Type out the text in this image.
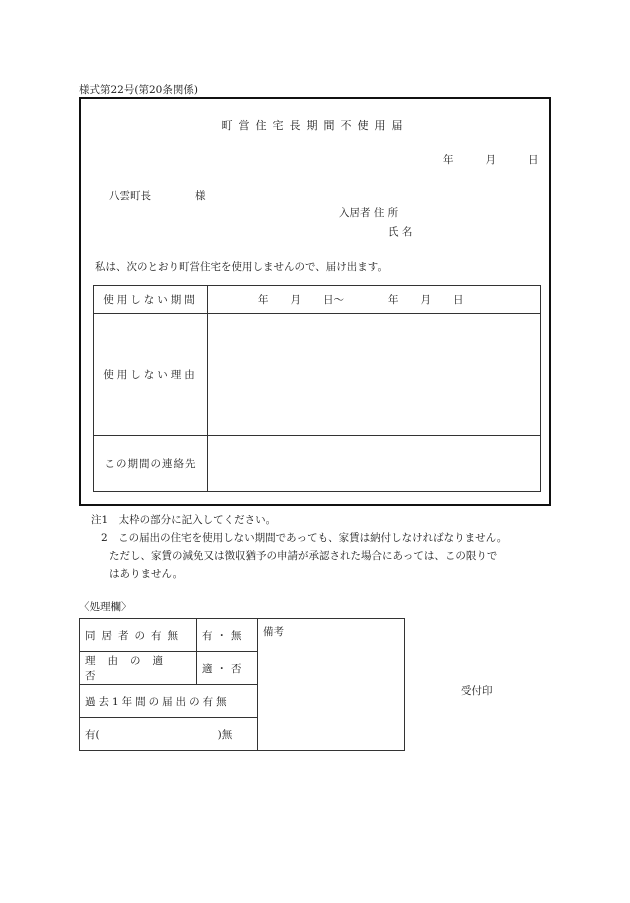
様式第22号(第20条関係)
町営住宅長期間不使用届
年	月	日
八雲町長	様
入居者 住 所
氏 名
私は、次のとおり町営住宅を使用しませんので、届け出ます。
使用しない期間	年 月 日〜 年 月 日
使用しない理由	
この期間の連絡先	
注1　太枠の部分に記入してください。
2　この届出の住宅を使用しない期間であっても、家賃は納付しなければなりません。
ただし、家賃の減免又は徴収猶予の申請が承認された場合にあっては、この限りで
はありません。
〈処理欄〉
同居者の有無	有・無	備考
理由の適否	適・否	
過去1年間の届出の有無		
有( )無		
受付印
